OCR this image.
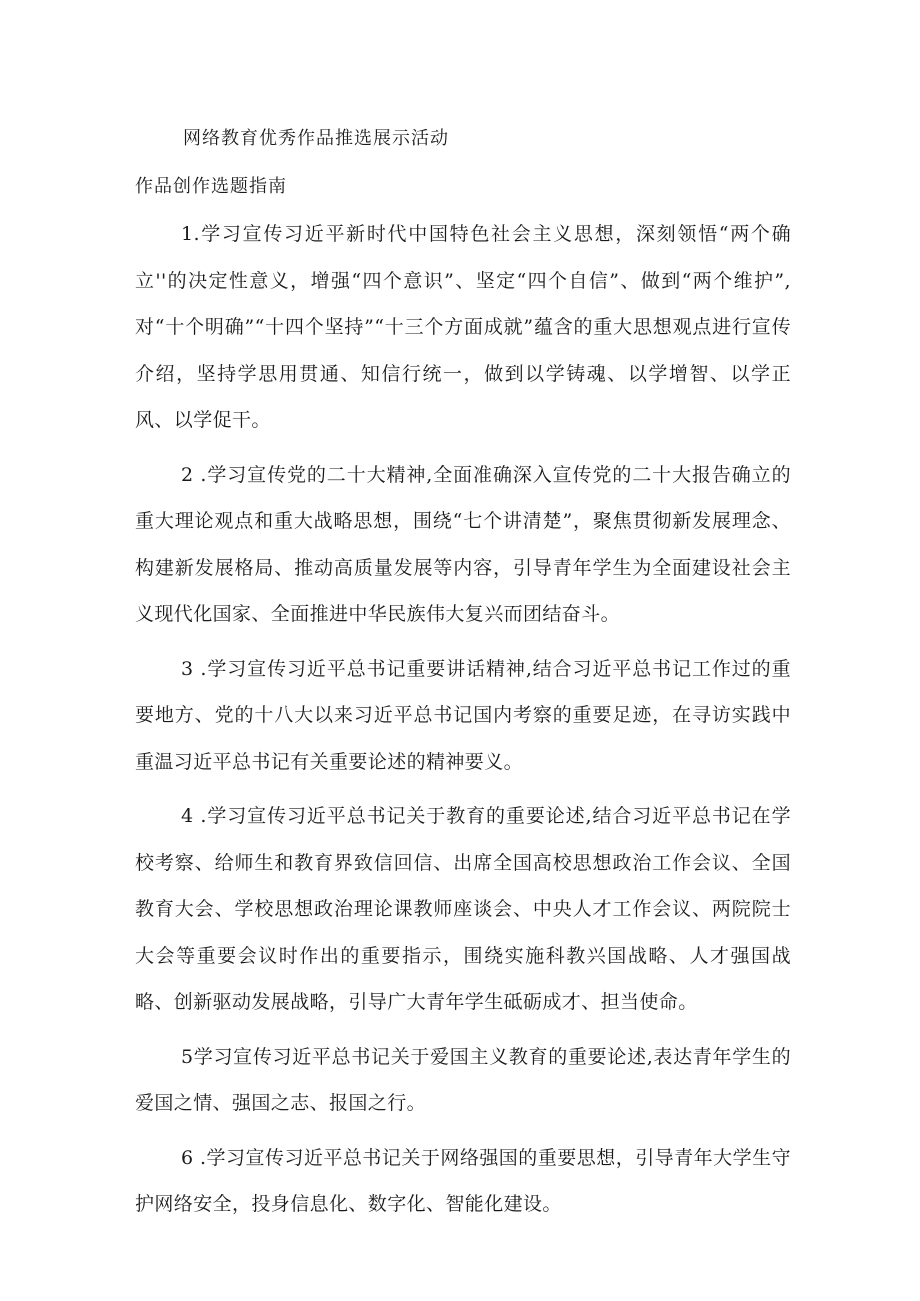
网络教育优秀作品推选展示活动
作品创作选题指南

1.学习宣传习近平新时代中国特色社会主义思想，深刻领悟“两个确立''的决定性意义，增强“四个意识”、坚定“四个自信”、做到“两个维护”,对“十个明确”“十四个坚持”“十三个方面成就”蕴含的重大思想观点进行宣传介绍，坚持学思用贯通、知信行统一，做到以学铸魂、以学增智、以学正风、以学促干。

2 .学习宣传党的二十大精神,全面准确深入宣传党的二十大报告确立的重大理论观点和重大战略思想，围绕“七个讲清楚”，聚焦贯彻新发展理念、构建新发展格局、推动高质量发展等内容，引导青年学生为全面建设社会主义现代化国家、全面推进中华民族伟大复兴而团结奋斗。

3 .学习宣传习近平总书记重要讲话精神,结合习近平总书记工作过的重要地方、党的十八大以来习近平总书记国内考察的重要足迹，在寻访实践中重温习近平总书记有关重要论述的精神要义。

4 .学习宣传习近平总书记关于教育的重要论述,结合习近平总书记在学校考察、给师生和教育界致信回信、出席全国高校思想政治工作会议、全国教育大会、学校思想政治理论课教师座谈会、中央人才工作会议、两院院士大会等重要会议时作出的重要指示，围绕实施科教兴国战略、人才强国战略、创新驱动发展战略，引导广大青年学生砥砺成才、担当使命。

5学习宣传习近平总书记关于爱国主义教育的重要论述,表达青年学生的爱国之情、强国之志、报国之行。

6 .学习宣传习近平总书记关于网络强国的重要思想，引导青年大学生守护网络安全，投身信息化、数字化、智能化建设。
